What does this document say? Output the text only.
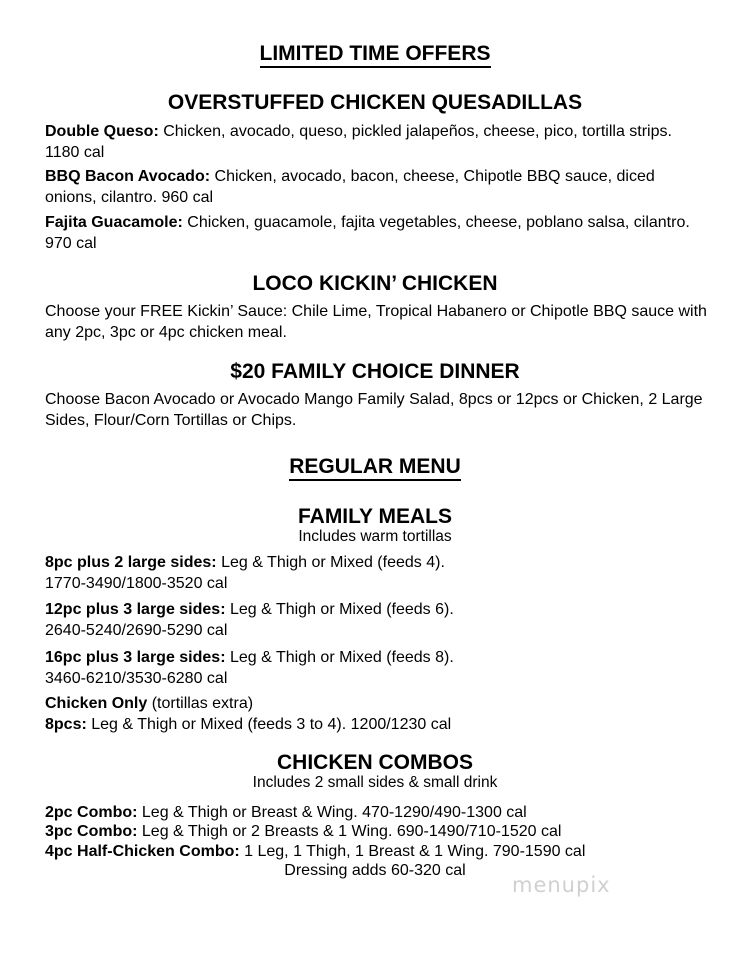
LIMITED TIME OFFERS
OVERSTUFFED CHICKEN QUESADILLAS
Double Queso: Chicken, avocado, queso, pickled jalapeños, cheese, pico, tortilla strips. 1180 cal
BBQ Bacon Avocado: Chicken, avocado, bacon, cheese, Chipotle BBQ sauce, diced onions, cilantro. 960 cal
Fajita Guacamole: Chicken, guacamole, fajita vegetables, cheese, poblano salsa, cilantro. 970 cal
LOCO KICKIN’ CHICKEN
Choose your FREE Kickin’ Sauce: Chile Lime, Tropical Habanero or Chipotle BBQ sauce with any 2pc, 3pc or 4pc chicken meal.
$20 FAMILY CHOICE DINNER
Choose Bacon Avocado or Avocado Mango Family Salad, 8pcs or 12pcs or Chicken, 2 Large Sides, Flour/Corn Tortillas or Chips.
REGULAR MENU
FAMILY MEALS
Includes warm tortillas
8pc plus 2 large sides: Leg & Thigh or Mixed (feeds 4).
1770-3490/1800-3520 cal
12pc plus 3 large sides: Leg & Thigh or Mixed (feeds 6).
2640-5240/2690-5290 cal
16pc plus 3 large sides: Leg & Thigh or Mixed (feeds 8).
3460-6210/3530-6280 cal
Chicken Only (tortillas extra)
8pcs: Leg & Thigh or Mixed (feeds 3 to 4). 1200/1230 cal
CHICKEN COMBOS
Includes 2 small sides & small drink
2pc Combo: Leg & Thigh or Breast & Wing. 470-1290/490-1300 cal
3pc Combo: Leg & Thigh or 2 Breasts & 1 Wing. 690-1490/710-1520 cal
4pc Half-Chicken Combo: 1 Leg, 1 Thigh, 1 Breast & 1 Wing. 790-1590 cal
Dressing adds 60-320 cal
menupix
